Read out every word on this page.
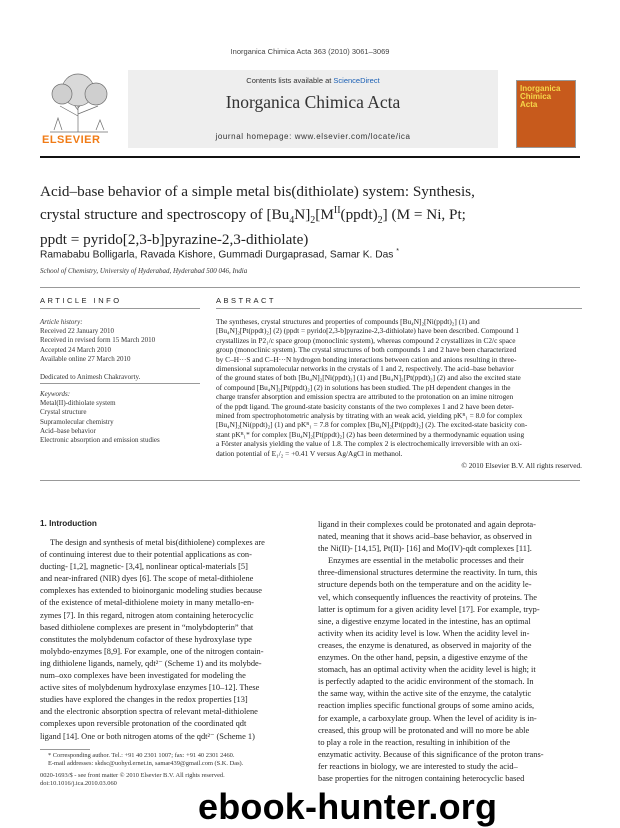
Inorganica Chimica Acta 363 (2010) 3061–3069
ELSEVIER
Contents lists available at ScienceDirect
Inorganica Chimica Acta
journal homepage: www.elsevier.com/locate/ica
Inorganica
Chimica
Acta
Acid–base behavior of a simple metal bis(dithiolate) system: Synthesis,
crystal structure and spectroscopy of $[Bu_4N]_2[M^{II}(ppdt)_2] (M = Ni$, Pt;
ppdt = pyrido[2,3-b]pyrazine-2,3-dithiolate)
Ramababu Bolligarla, Ravada Kishore, Gummadi Durgaprasad, Samar K. Das *
School of Chemistry, University of Hyderabad, Hyderabad 500 046, India
ARTICLE INFO	ABSTRACT
Article history:
Received 22 January 2010
Received in revised form 15 March 2010
Accepted 24 March 2010
Available online 27 March 2010
Dedicated to Animesh Chakravorty.
Keywords:
Metal(II)-dithiolate system
Crystal structure
Supramolecular chemistry
Acid–base behavior
Electronic absorption and emission studies
The syntheses, crystal structures and properties of compounds [Bu₄N]₂[Ni(ppdt)₂] (1) and
[Bu₄N]₂[Pt(ppdt)₂] (2) (ppdt = pyrido[2,3-b]pyrazine-2,3-dithiolate) have been described. Compound 1
crystallizes in P2₁/c space group (monoclinic system), whereas compound 2 crystallizes in C2/c space
group (monoclinic system). The crystal structures of both compounds 1 and 2 have been characterized
by C–H···S and C–H···N hydrogen bonding interactions between cation and anions resulting in three-
dimensional supramolecular networks in the crystals of 1 and 2, respectively. The acid–base behavior
of the ground states of both [Bu₄N]₂[Ni(ppdt)₂] (1) and [Bu₄N]₂[Pt(ppdt)₂] (2) and also the excited state
of compound [Bu₄N]₂[Pt(ppdt)₂] (2) in solutions has been studied. The pH dependent changes in the
charge transfer absorption and emission spectra are attributed to the protonation on an imine nitrogen
of the ppdt ligand. The ground-state basicity constants of the two complexes 1 and 2 have been deter-
mined from spectrophotometric analysis by titrating with an weak acid, yielding pKᴮ₁ = 8.0 for complex
[Bu₄N]₂[Ni(ppdt)₂] (1) and pKᴮ₁ = 7.8 for complex [Bu₄N]₂[Pt(ppdt)₂] (2). The excited-state basicity con-
stant pKᴮ₁* for complex [Bu₄N]₂[Pt(ppdt)₂] (2) has been determined by a thermodynamic equation using
a Förster analysis yielding the value of 1.8. The complex 2 is electrochemically irreversible with an oxi-
dation potential of E₁/₂ = +0.41 V versus Ag/AgCl in methanol.
© 2010 Elsevier B.V. All rights reserved.
1. Introduction
The design and synthesis of metal bis(dithiolene) complexes are
of continuing interest due to their potential applications as con-
ducting- [1,2], magnetic- [3,4], nonlinear optical-materials [5]
and near-infrared (NIR) dyes [6]. The scope of metal-dithiolene
complexes has extended to bioinorganic modeling studies because
of the existence of metal-dithiolene moiety in many metallo-en-
zymes [7]. In this regard, nitrogen atom containing heterocyclic
based dithiolene complexes are present in “molybdopterin” that
constitutes the molybdenum cofactor of these hydroxylase type
molybdo-enzymes [8,9]. For example, one of the nitrogen contain-
ing dithiolene ligands, namely, qdt²⁻ (Scheme 1) and its molybde-
num–oxo complexes have been investigated for modeling the
active sites of molybdenum hydroxylase enzymes [10–12]. These
studies have explored the changes in the redox properties [13]
and the electronic absorption spectra of relevant metal-dithiolene
complexes upon reversible protonation of the coordinated qdt
ligand [14]. One or both nitrogen atoms of the qdt²⁻ (Scheme 1)
ligand in their complexes could be protonated and again deprota-
nated, meaning that it shows acid–base behavior, as observed in
the Ni(II)- [14,15], Pt(II)- [16] and Mo(IV)-qdt complexes [11].
Enzymes are essential in the metabolic processes and their
three-dimensional structures determine the reactivity. In turn, this
structure depends both on the temperature and on the acidity le-
vel, which consequently influences the reactivity of proteins. The
latter is optimum for a given acidity level [17]. For example, tryp-
sine, a digestive enzyme located in the intestine, has an optimal
activity when its acidity level is low. When the acidity level in-
creases, the enzyme is denatured, as observed in majority of the
enzymes. On the other hand, pepsin, a digestive enzyme of the
stomach, has an optimal activity when the acidity level is high; it
is perfectly adapted to the acidic environment of the stomach. In
the same way, within the active site of the enzyme, the catalytic
reaction implies specific functional groups of some amino acids,
for example, a carboxylate group. When the level of acidity is in-
creased, this group will be protonated and will no more be able
to play a role in the reaction, resulting in inhibition of the
enzymatic activity. Because of this significance of the proton trans-
fer reactions in biology, we are interested to study the acid–
base properties for the nitrogen containing heterocyclic based
* Corresponding author. Tel.: +91 40 2301 1007; fax: +91 40 2301 2460.
E-mail addresses: skdsc@uohyd.ernet.in, samar439@gmail.com (S.K. Das).
0020-1693/$ - see front matter © 2010 Elsevier B.V. All rights reserved.
doi:10.1016/j.ica.2010.03.060
ebook-hunter.org
